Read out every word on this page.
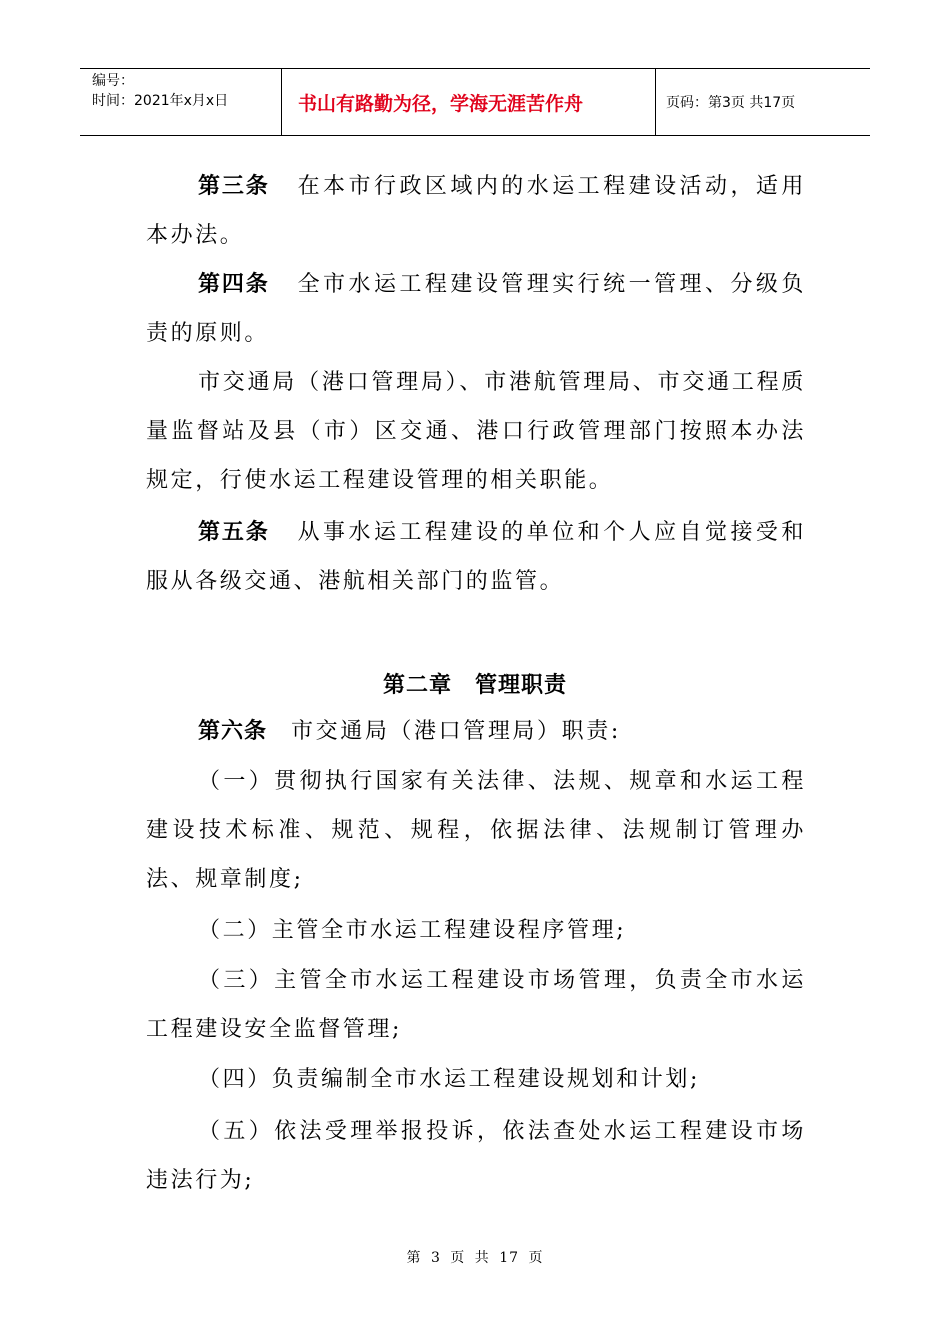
编号：
时间：2021年x月x日	书山有路勤为径，学海无涯苦作舟	页码：第3页 共17页

第三条 在本市行政区域内的水运工程建设活动，适用本办法。

第四条 全市水运工程建设管理实行统一管理、分级负责的原则。

市交通局（港口管理局）、市港航管理局、市交通工程质量监督站及县（市）区交通、港口行政管理部门按照本办法规定，行使水运工程建设管理的相关职能。

第五条 从事水运工程建设的单位和个人应自觉接受和服从各级交通、港航相关部门的监管。

第二章　管理职责

第六条 市交通局（港口管理局）职责:

（一）贯彻执行国家有关法律、法规、规章和水运工程建设技术标准、规范、规程，依据法律、法规制订管理办法、规章制度;

（二）主管全市水运工程建设程序管理;

（三）主管全市水运工程建设市场管理，负责全市水运工程建设安全监督管理;

（四）负责编制全市水运工程建设规划和计划;

（五）依法受理举报投诉，依法查处水运工程建设市场违法行为;

第 3 页 共 17 页
